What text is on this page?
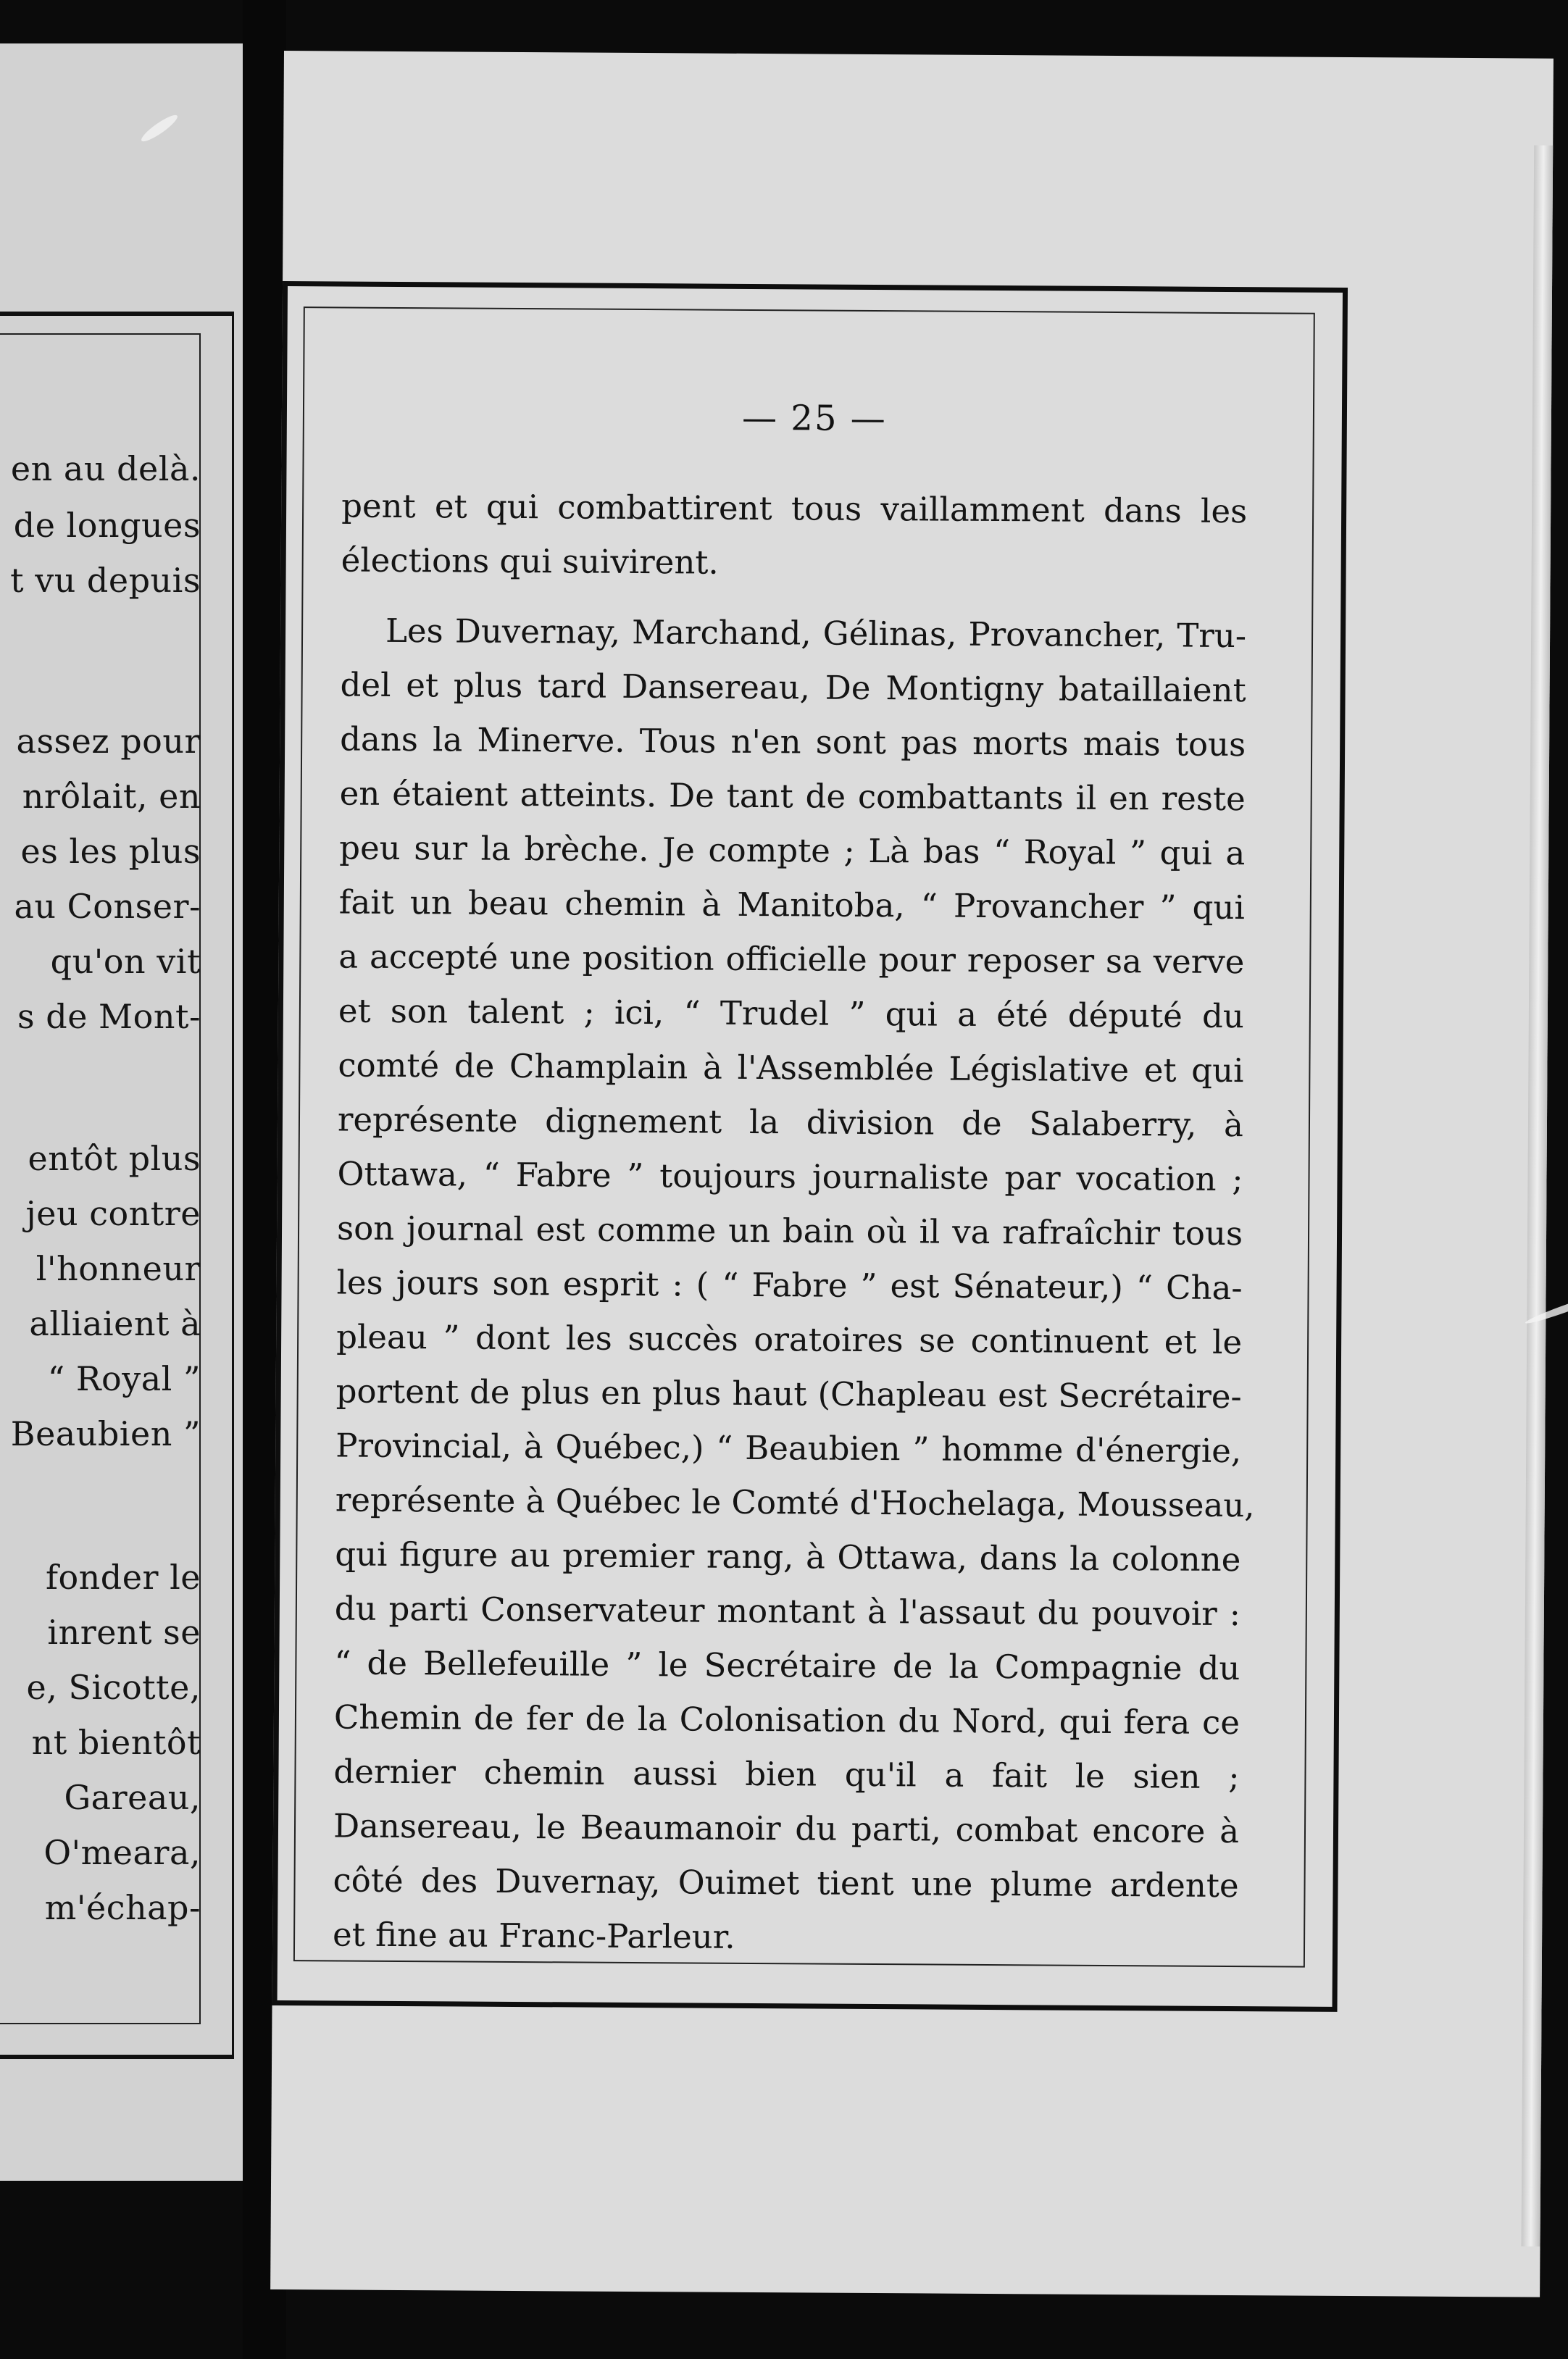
en au delà.

de longues

t vu depuis

assez pour

nrôlait, en

es les plus

au Conser-

qu'on vit

s de Mont-

entôt plus

jeu contre

l'honneur

alliaient à

“ Royal ”

Beaubien ”

fonder le

inrent se

e, Sicotte,

nt bientôt

Gareau,

O'meara,

m'échap-

— 25 —

pent et qui combattirent tous vaillamment dans les
élections qui suivirent.
Les Duvernay, Marchand, Gélinas, Provancher, Tru-
del et plus tard Dansereau, De Montigny bataillaient
dans la Minerve. Tous n'en sont pas morts mais tous
en étaient atteints. De tant de combattants il en reste
peu sur la brèche. Je compte ; Là bas “ Royal ” qui a
fait un beau chemin à Manitoba, “ Provancher ” qui
a accepté une position officielle pour reposer sa verve
et son talent ; ici, “ Trudel ” qui a été député du
comté de Champlain à l'Assemblée Législative et qui
représente dignement la division de Salaberry, à
Ottawa, “ Fabre ” toujours journaliste par vocation ;
son journal est comme un bain où il va rafraîchir tous
les jours son esprit : ( “ Fabre ” est Sénateur,) “ Cha-
pleau ” dont les succès oratoires se continuent et le
portent de plus en plus haut (Chapleau est Secrétaire-
Provincial, à Québec,) “ Beaubien ” homme d'énergie,
représente à Québec le Comté d'Hochelaga, Mousseau,
qui figure au premier rang, à Ottawa, dans la colonne
du parti Conservateur montant à l'assaut du pouvoir :
“ de Bellefeuille ” le Secrétaire de la Compagnie du
Chemin de fer de la Colonisation du Nord, qui fera ce
dernier chemin aussi bien qu'il a fait le sien ;
Dansereau, le Beaumanoir du parti, combat encore à
côté des Duvernay, Ouimet tient une plume ardente
et fine au Franc-Parleur.
